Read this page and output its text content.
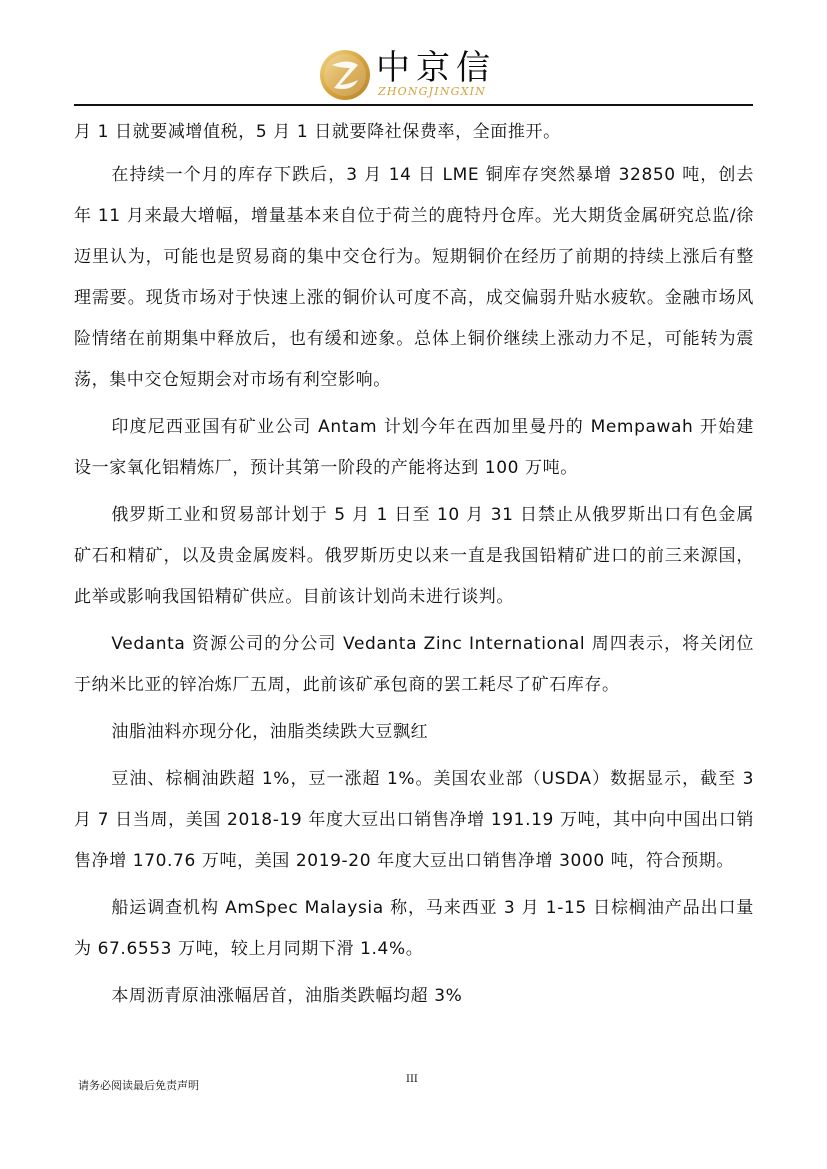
中京信
ZHONGJINGXIN

月 1 日就要减增值税，5 月 1 日就要降社保费率，全面推开。

在持续一个月的库存下跌后，3 月 14 日 LME 铜库存突然暴增 32850 吨，创去年 11 月来最大增幅，增量基本来自位于荷兰的鹿特丹仓库。光大期货金属研究总监/徐迈里认为，可能也是贸易商的集中交仓行为。短期铜价在经历了前期的持续上涨后有整理需要。现货市场对于快速上涨的铜价认可度不高，成交偏弱升贴水疲软。金融市场风险情绪在前期集中释放后，也有缓和迹象。总体上铜价继续上涨动力不足，可能转为震荡，集中交仓短期会对市场有利空影响。

印度尼西亚国有矿业公司 Antam 计划今年在西加里曼丹的 Mempawah 开始建设一家氧化铝精炼厂，预计其第一阶段的产能将达到 100 万吨。

俄罗斯工业和贸易部计划于 5 月 1 日至 10 月 31 日禁止从俄罗斯出口有色金属矿石和精矿，以及贵金属废料。俄罗斯历史以来一直是我国铅精矿进口的前三来源国，此举或影响我国铅精矿供应。目前该计划尚未进行谈判。

Vedanta 资源公司的分公司 Vedanta Zinc International 周四表示，将关闭位于纳米比亚的锌冶炼厂五周，此前该矿承包商的罢工耗尽了矿石库存。

油脂油料亦现分化，油脂类续跌大豆飘红

豆油、棕榈油跌超 1%，豆一涨超 1%。美国农业部（USDA）数据显示，截至 3 月 7 日当周，美国 2018-19 年度大豆出口销售净增 191.19 万吨，其中向中国出口销售净增 170.76 万吨，美国 2019-20 年度大豆出口销售净增 3000 吨，符合预期。

船运调查机构 AmSpec Malaysia 称，马来西亚 3 月 1-15 日棕榈油产品出口量为 67.6553 万吨，较上月同期下滑 1.4%。

本周沥青原油涨幅居首，油脂类跌幅均超 3%

请务必阅读最后免责声明	III
